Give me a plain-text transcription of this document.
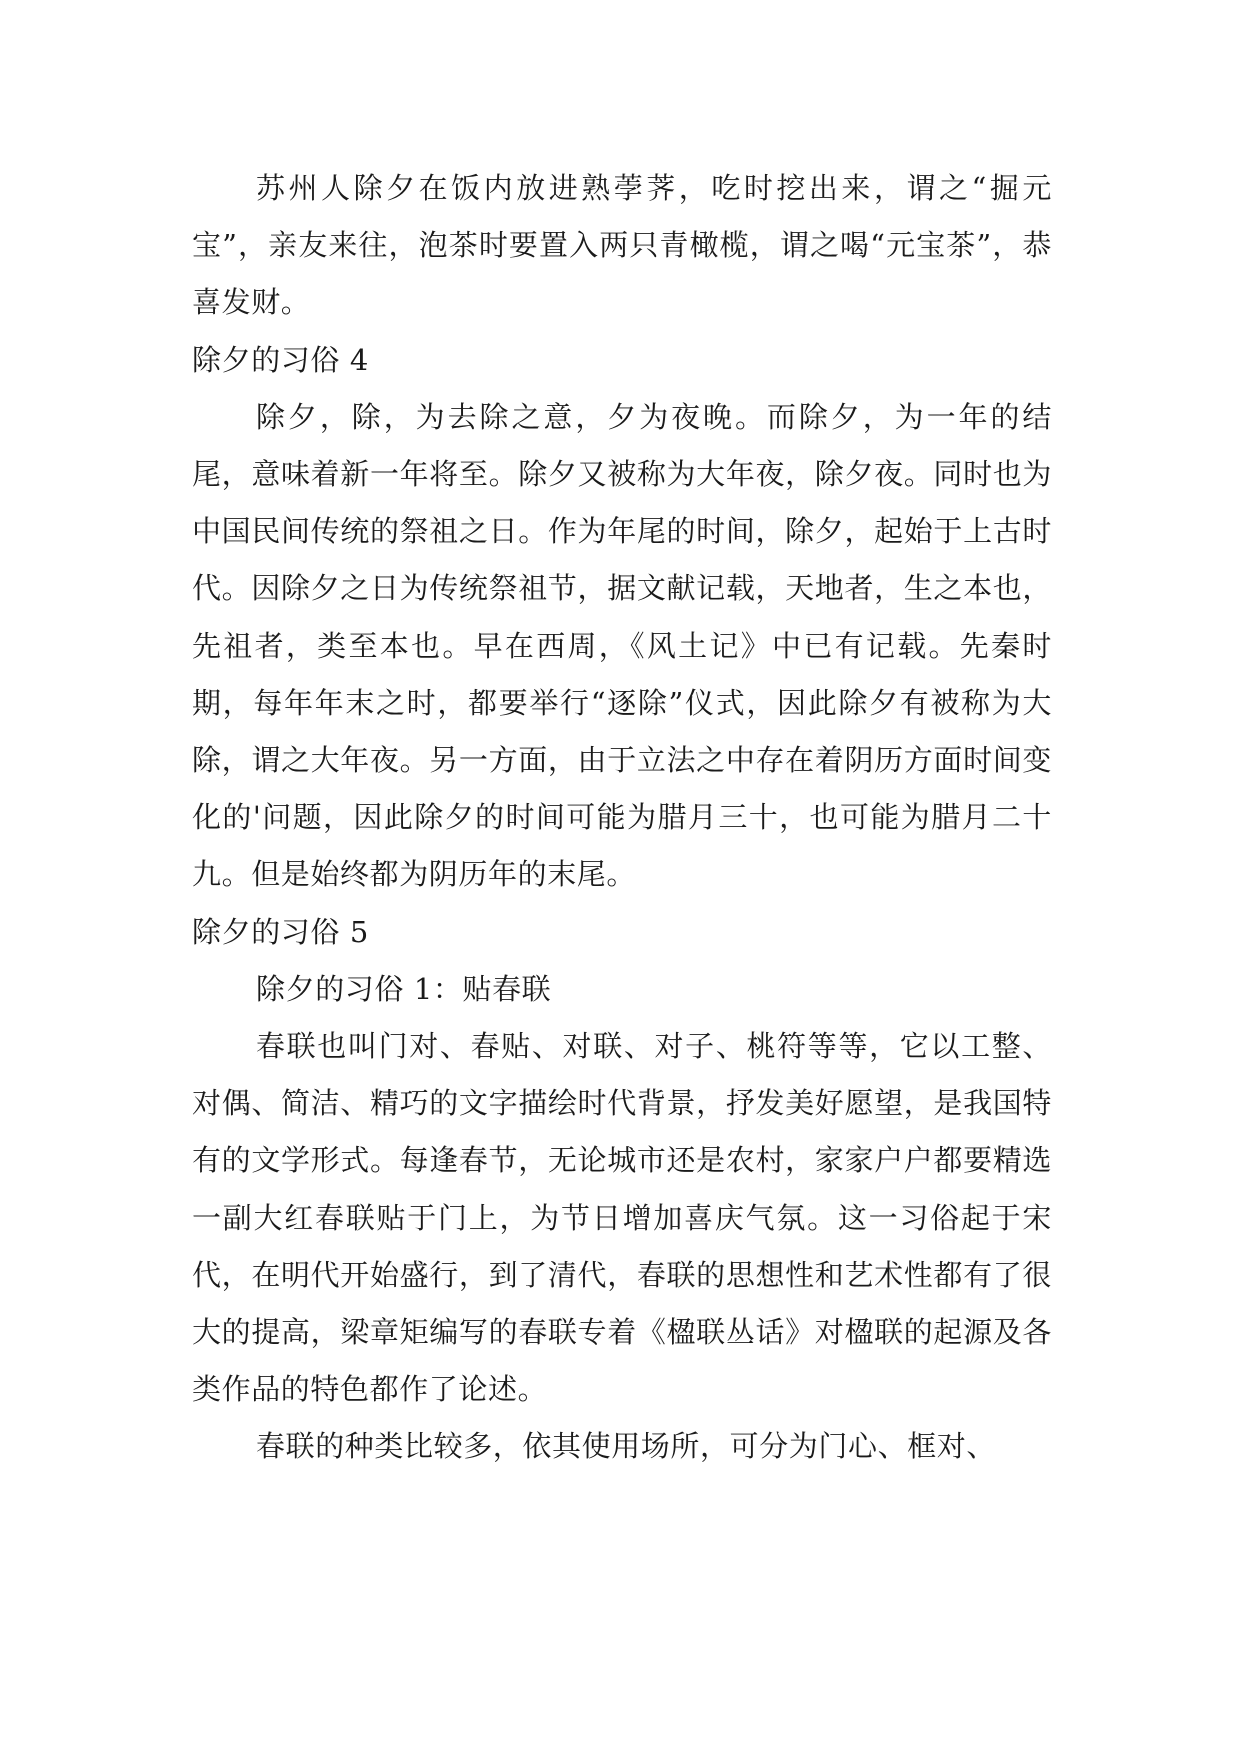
苏州人除夕在饭内放进熟荸荠，吃时挖出来，谓之“掘元宝”，亲友来往，泡茶时要置入两只青橄榄，谓之喝“元宝茶”，恭喜发财。

除夕的习俗 4

除夕，除，为去除之意，夕为夜晚。而除夕，为一年的结尾，意味着新一年将至。除夕又被称为大年夜，除夕夜。同时也为中国民间传统的祭祖之日。作为年尾的时间，除夕，起始于上古时代。因除夕之日为传统祭祖节，据文献记载，天地者，生之本也，先祖者，类至本也。早在西周，《风土记》中已有记载。先秦时期，每年年末之时，都要举行“逐除”仪式，因此除夕有被称为大除，谓之大年夜。另一方面，由于立法之中存在着阴历方面时间变化的'问题，因此除夕的时间可能为腊月三十，也可能为腊月二十九。但是始终都为阴历年的末尾。

除夕的习俗 5

除夕的习俗 1：贴春联

春联也叫门对、春贴、对联、对子、桃符等等，它以工整、对偶、简洁、精巧的文字描绘时代背景，抒发美好愿望，是我国特有的文学形式。每逢春节，无论城市还是农村，家家户户都要精选一副大红春联贴于门上，为节日增加喜庆气氛。这一习俗起于宋代，在明代开始盛行，到了清代，春联的思想性和艺术性都有了很大的提高，梁章矩编写的春联专着《楹联丛话》对楹联的起源及各类作品的特色都作了论述。

春联的种类比较多，依其使用场所，可分为门心、框对、
